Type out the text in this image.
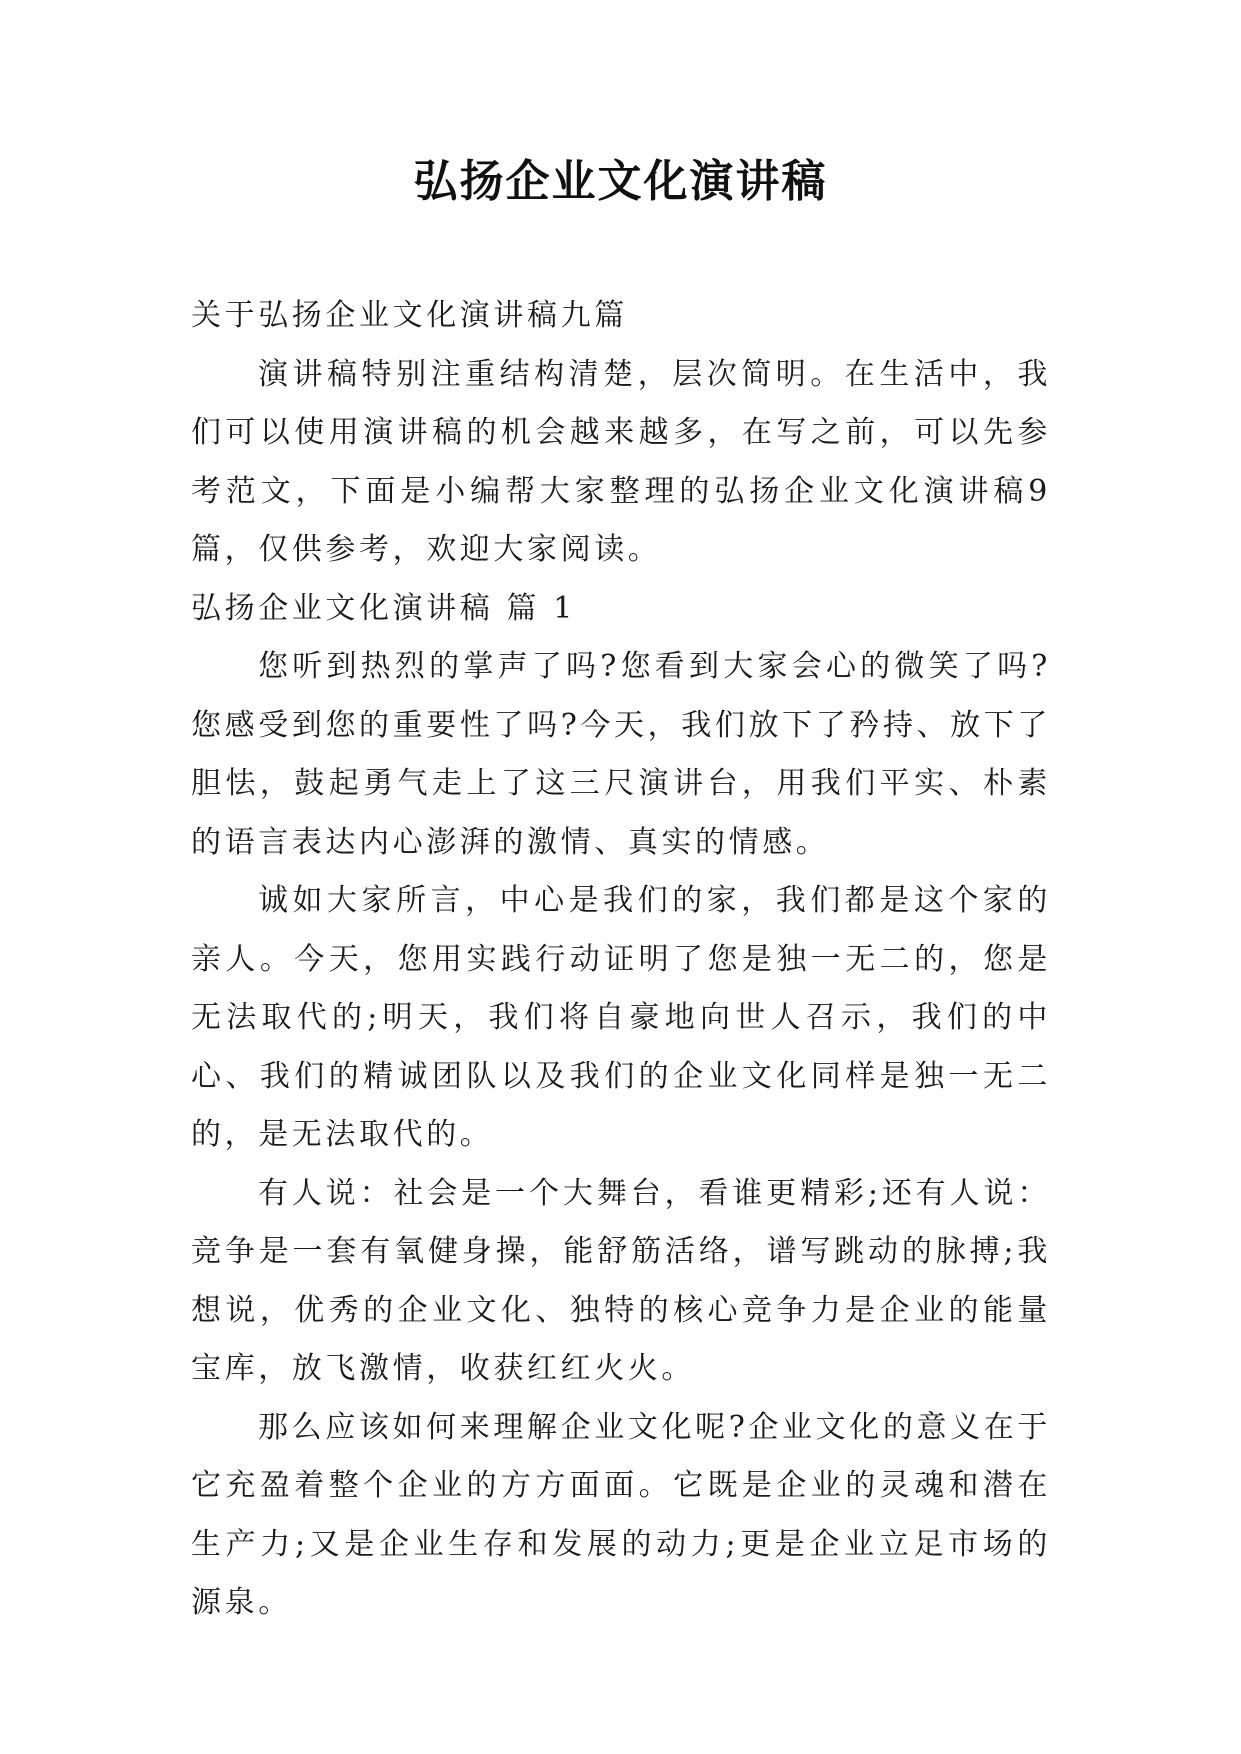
弘扬企业文化演讲稿

关于弘扬企业文化演讲稿九篇

演讲稿特别注重结构清楚，层次简明。在生活中，我们可以使用演讲稿的机会越来越多，在写之前，可以先参考范文，下面是小编帮大家整理的弘扬企业文化演讲稿9篇，仅供参考，欢迎大家阅读。

弘扬企业文化演讲稿 篇 1

您听到热烈的掌声了吗?您看到大家会心的微笑了吗?您感受到您的重要性了吗?今天，我们放下了矜持、放下了胆怯，鼓起勇气走上了这三尺演讲台，用我们平实、朴素的语言表达内心澎湃的激情、真实的情感。

诚如大家所言，中心是我们的家，我们都是这个家的亲人。今天，您用实践行动证明了您是独一无二的，您是无法取代的;明天，我们将自豪地向世人召示，我们的中心、我们的精诚团队以及我们的企业文化同样是独一无二的，是无法取代的。

有人说：社会是一个大舞台，看谁更精彩;还有人说：竞争是一套有氧健身操，能舒筋活络，谱写跳动的脉搏;我想说，优秀的企业文化、独特的核心竞争力是企业的能量宝库，放飞激情，收获红红火火。

那么应该如何来理解企业文化呢?企业文化的意义在于它充盈着整个企业的方方面面。它既是企业的灵魂和潜在生产力;又是企业生存和发展的动力;更是企业立足市场的源泉。
